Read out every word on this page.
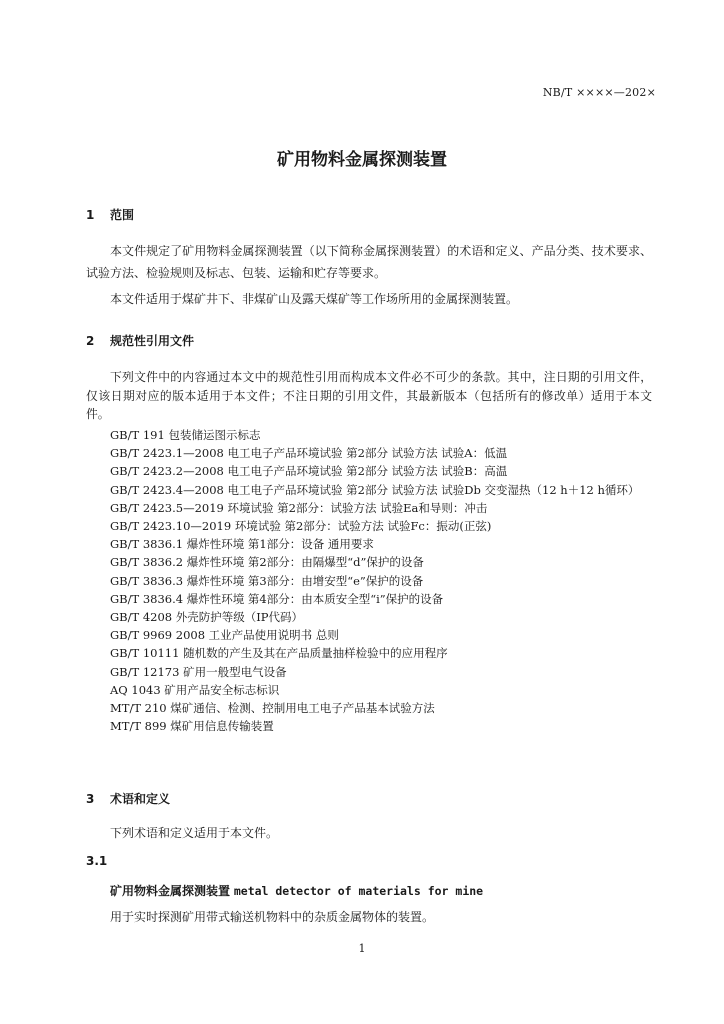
NB/T ××××—202×
矿用物料金属探测装置
1 范围

本文件规定了矿用物料金属探测装置（以下简称金属探测装置）的术语和定义、产品分类、技术要求、试验方法、检验规则及标志、包装、运输和贮存等要求。

本文件适用于煤矿井下、非煤矿山及露天煤矿等工作场所用的金属探测装置。

2 规范性引用文件

下列文件中的内容通过本文中的规范性引用而构成本文件必不可少的条款。其中，注日期的引用文件，仅该日期对应的版本适用于本文件；不注日期的引用文件，其最新版本（包括所有的修改单）适用于本文件。

GB/T 191 包装储运图示标志
GB/T 2423.1—2008 电工电子产品环境试验 第2部分 试验方法 试验A：低温
GB/T 2423.2—2008 电工电子产品环境试验 第2部分 试验方法 试验B：高温
GB/T 2423.4—2008 电工电子产品环境试验 第2部分 试验方法 试验Db 交变湿热（12 h＋12 h循环）
GB/T 2423.5—2019 环境试验 第2部分：试验方法 试验Ea和导则：冲击
GB/T 2423.10—2019 环境试验 第2部分：试验方法 试验Fc：振动(正弦)
GB/T 3836.1 爆炸性环境 第1部分：设备 通用要求
GB/T 3836.2 爆炸性环境 第2部分：由隔爆型“d”保护的设备
GB/T 3836.3 爆炸性环境 第3部分：由增安型“e”保护的设备
GB/T 3836.4 爆炸性环境 第4部分：由本质安全型“i”保护的设备
GB/T 4208 外壳防护等级（IP代码）
GB/T 9969 2008 工业产品使用说明书 总则
GB/T 10111 随机数的产生及其在产品质量抽样检验中的应用程序
GB/T 12173 矿用一般型电气设备
AQ 1043 矿用产品安全标志标识
MT/T 210 煤矿通信、检测、控制用电工电子产品基本试验方法
MT/T 899 煤矿用信息传输装置
3 术语和定义

下列术语和定义适用于本文件。

3.1
矿用物料金属探测装置 metal detector of materials for mine

用于实时探测矿用带式输送机物料中的杂质金属物体的装置。

1
